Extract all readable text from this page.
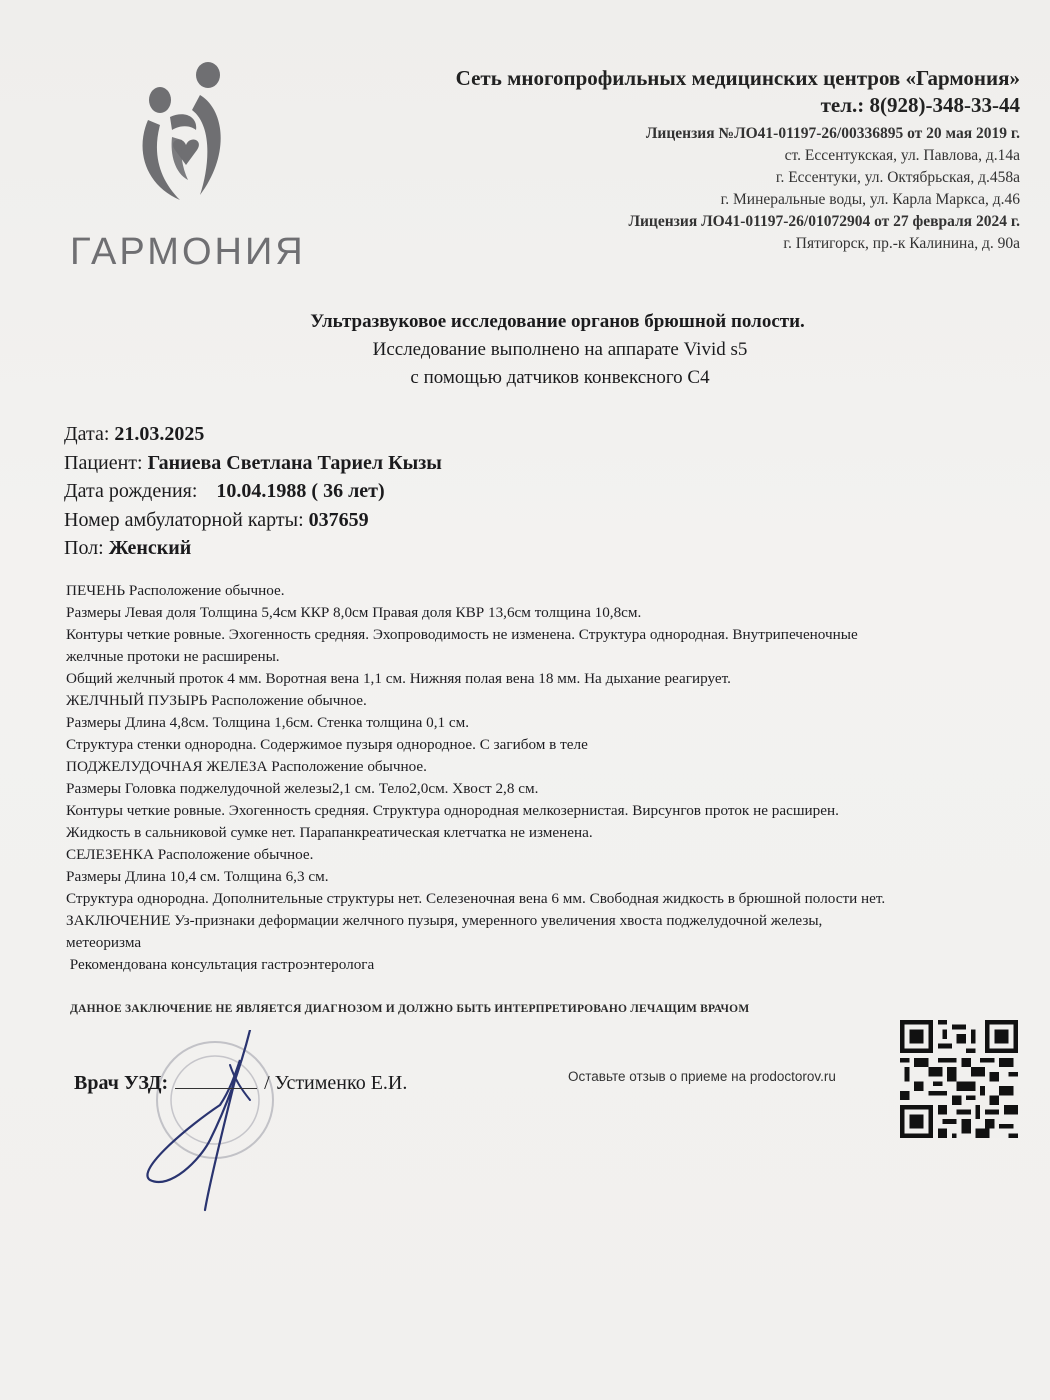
ГАРМОНИЯ
Сеть многопрофильных медицинских центров «Гармония»
тел.: 8(928)-348-33-44
Лицензия №ЛО41-01197-26/00336895 от 20 мая 2019 г.
ст. Ессентукская, ул. Павлова, д.14а
г. Ессентуки, ул. Октябрьская, д.458а
г. Минеральные воды, ул. Карла Маркса, д.46
Лицензия ЛО41-01197-26/01072904 от 27 февраля 2024 г.
г. Пятигорск, пр.-к Калинина, д. 90а
Ультразвуковое исследование органов брюшной полости.
Исследование выполнено на аппарате Vivid s5
с помощью датчиков конвексного С4
Дата: 21.03.2025
Пациент: Ганиева Светлана Тариел Кызы
Дата рождения: 10.04.1988 ( 36 лет)
Номер амбулаторной карты: 037659
Пол: Женский
ПЕЧЕНЬ Расположение обычное.
Размеры Левая доля Толщина 5,4см ККР 8,0см Правая доля КВР 13,6см толщина 10,8см.
Контуры четкие ровные. Эхогенность средняя. Эхопроводимость не изменена. Структура однородная. Внутрипеченочные
желчные протоки не расширены.
Общий желчный проток 4 мм. Воротная вена 1,1 см. Нижняя полая вена 18 мм. На дыхание реагирует.
ЖЕЛЧНЫЙ ПУЗЫРЬ Расположение обычное.
Размеры Длина 4,8см. Толщина 1,6см. Стенка толщина 0,1 см.
Структура стенки однородна. Содержимое пузыря однородное. С загибом в теле
ПОДЖЕЛУДОЧНАЯ ЖЕЛЕЗА Расположение обычное.
Размеры Головка поджелудочной железы2,1 см. Тело2,0см. Хвост 2,8 см.
Контуры четкие ровные. Эхогенность средняя. Структура однородная мелкозернистая. Вирсунгов проток не расширен.
Жидкость в сальниковой сумке нет. Парапанкреатическая клетчатка не изменена.
СЕЛЕЗЕНКА Расположение обычное.
Размеры Длина 10,4 см. Толщина 6,3 см.
Структура однородна. Дополнительные структуры нет. Селезеночная вена 6 мм. Свободная жидкость в брюшной полости нет.
ЗАКЛЮЧЕНИЕ Уз-признаки деформации желчного пузыря, умеренного увеличения хвоста поджелудочной железы,
метеоризма
Рекомендована консультация гастроэнтеролога
ДАННОЕ ЗАКЛЮЧЕНИЕ НЕ ЯВЛЯЕТСЯ ДИАГНОЗОМ И ДОЛЖНО БЫТЬ ИНТЕРПРЕТИРОВАНО ЛЕЧАЩИМ ВРАЧОМ
Врач УЗД:	/ Устименко Е.И.	Оставьте отзыв о приеме на prodoctorov.ru
